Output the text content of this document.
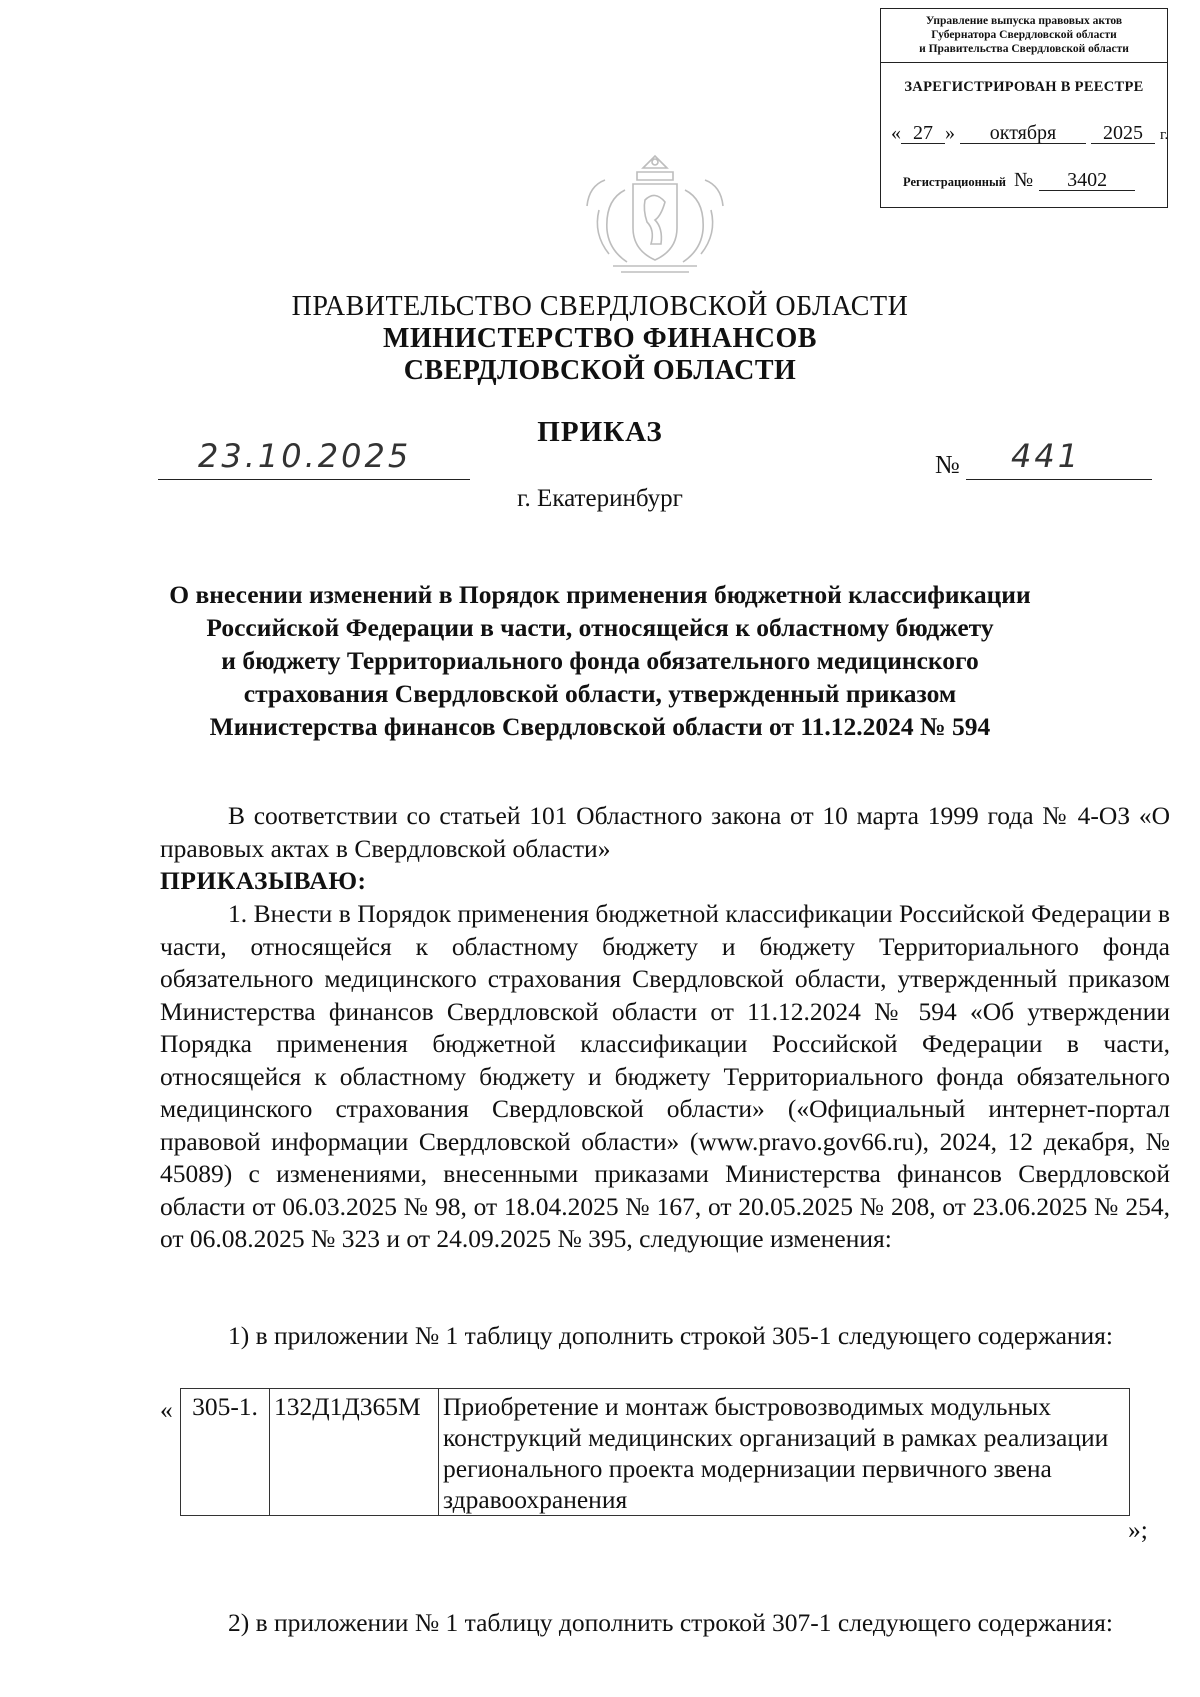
Управление выпуска правовых актов
Губернатора Свердловской области
и Правительства Свердловской области
ЗАРЕГИСТРИРОВАН В РЕЕСТРЕ
« 27 » октября 2025 г.
Регистрационный № 3402
ПРАВИТЕЛЬСТВО СВЕРДЛОВСКОЙ ОБЛАСТИ
МИНИСТЕРСТВО ФИНАНСОВ
СВЕРДЛОВСКОЙ ОБЛАСТИ
ПРИКАЗ
23.10.2025	№ 441
г. Екатеринбург
О внесении изменений в Порядок применения бюджетной классификации
Российской Федерации в части, относящейся к областному бюджету
и бюджету Территориального фонда обязательного медицинского
страхования Свердловской области, утвержденный приказом
Министерства финансов Свердловской области от 11.12.2024 № 594
В соответствии со статьей 101 Областного закона от 10 марта 1999 года № 4-ОЗ «О правовых актах в Свердловской области»
ПРИКАЗЫВАЮ:
1. Внести в Порядок применения бюджетной классификации Российской Федерации в части, относящейся к областному бюджету и бюджету Территориального фонда обязательного медицинского страхования Свердловской области, утвержденный приказом Министерства финансов Свердловской области от 11.12.2024 № 594 «Об утверждении Порядка применения бюджетной классификации Российской Федерации в части, относящейся к областному бюджету и бюджету Территориального фонда обязательного медицинского страхования Свердловской области» («Официальный интернет-портал правовой информации Свердловской области» (www.pravo.gov66.ru), 2024, 12 декабря, № 45089) с изменениями, внесенными приказами Министерства финансов Свердловской области от 06.03.2025 № 98, от 18.04.2025 № 167, от 20.05.2025 № 208, от 23.06.2025 № 254, от 06.08.2025 № 323 и от 24.09.2025 № 395, следующие изменения:
1) в приложении № 1 таблицу дополнить строкой 305-1 следующего содержания:
« 305-1.	132Д1Д365М	Приобретение и монтаж быстровозводимых модульных конструкций медицинских организаций в рамках реализации регионального проекта модернизации первичного звена здравоохранения
»;
2) в приложении № 1 таблицу дополнить строкой 307-1 следующего содержания:
